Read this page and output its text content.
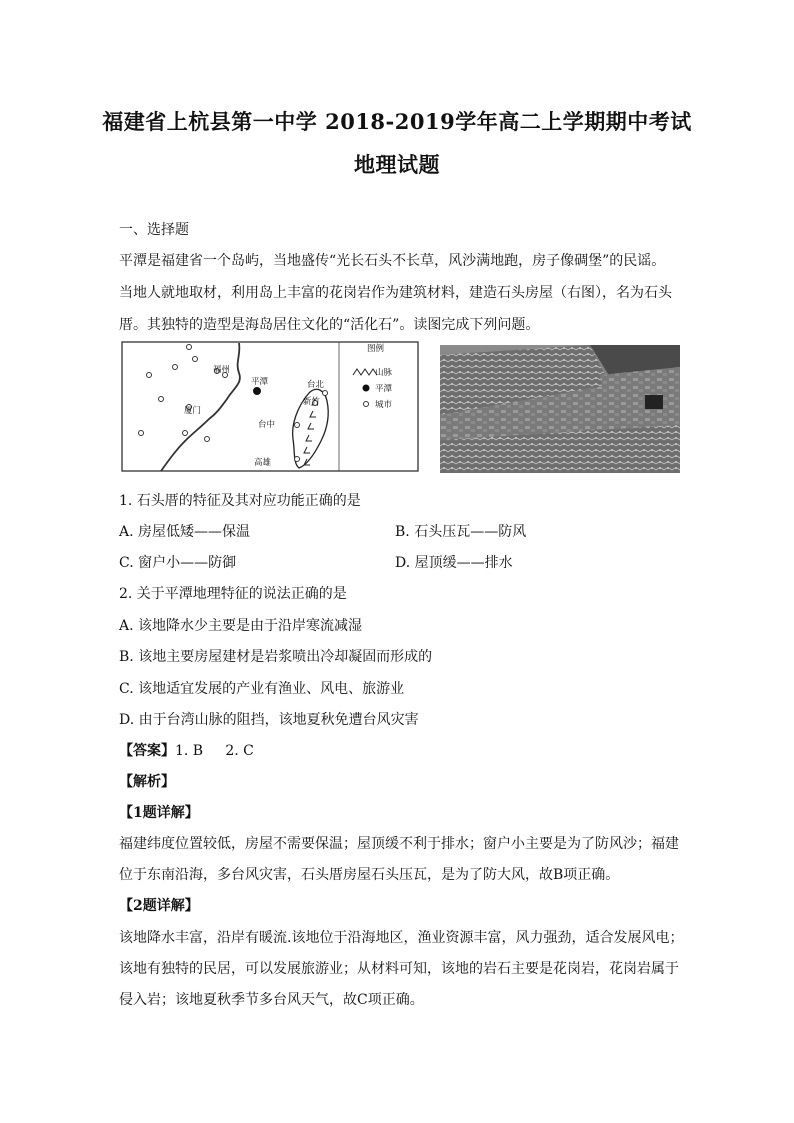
福建省上杭县第一中学 2018-2019学年高二上学期期中考试
地理试题
一、选择题
平潭是福建省一个岛屿，当地盛传“光长石头不长草，风沙满地跑，房子像碉堡”的民谣。
当地人就地取材，利用岛上丰富的花岗岩作为建筑材料，建造石头房屋（右图），名为石头
厝。其独特的造型是海岛居住文化的“活化石”。读图完成下列问题。
福州
平潭
厦门
台北
新竹
台中
高雄
图例
山脉
平潭
城市
1. 石头厝的特征及其对应功能正确的是
A. 房屋低矮——保温	B. 石头压瓦——防风
C. 窗户小——防御	D. 屋顶缓——排水
2. 关于平潭地理特征的说法正确的是
A. 该地降水少主要是由于沿岸寒流减湿
B. 该地主要房屋建材是岩浆喷出冷却凝固而形成的
C. 该地适宜发展的产业有渔业、风电、旅游业
D. 由于台湾山脉的阻挡，该地夏秋免遭台风灾害
【答案】1. B     2. C
【解析】
【1题详解】
福建纬度位置较低，房屋不需要保温；屋顶缓不利于排水；窗户小主要是为了防风沙；福建
位于东南沿海，多台风灾害，石头厝房屋石头压瓦，是为了防大风，故B项正确。
【2题详解】
该地降水丰富，沿岸有暖流.该地位于沿海地区，渔业资源丰富，风力强劲，适合发展风电；
该地有独特的民居，可以发展旅游业；从材料可知，该地的岩石主要是花岗岩，花岗岩属于
侵入岩；该地夏秋季节多台风天气，故C项正确。
